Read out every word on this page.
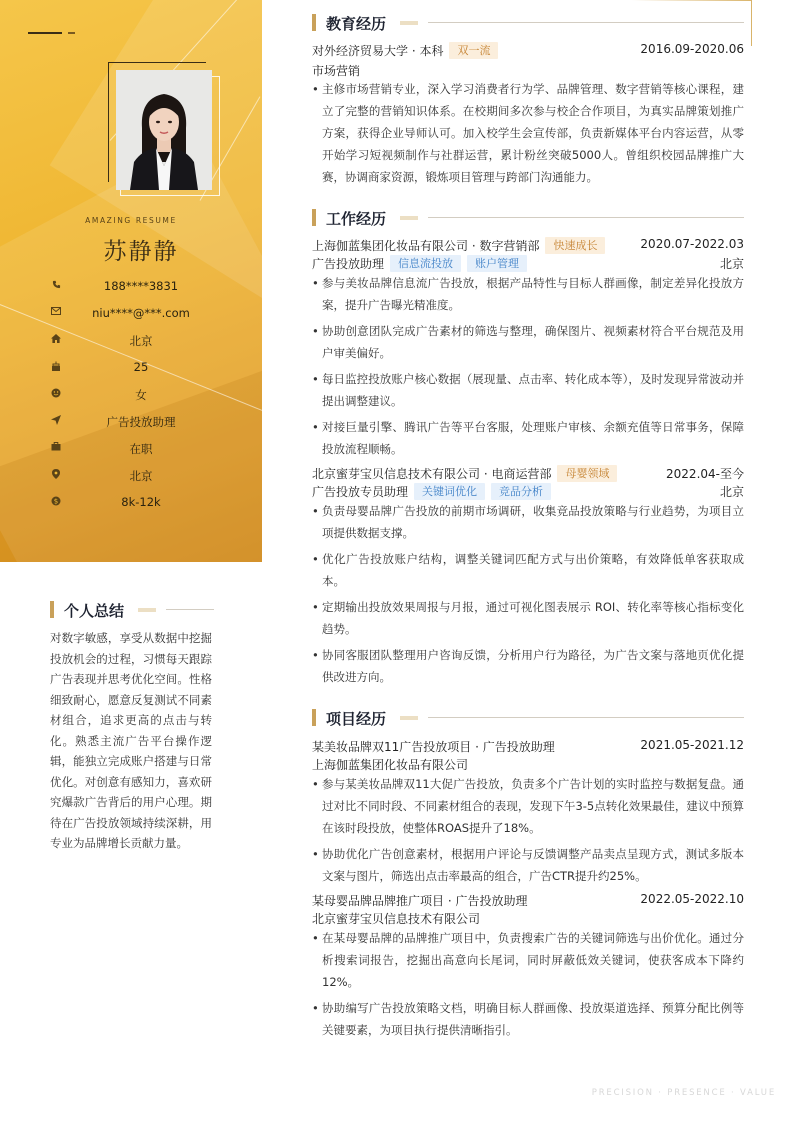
AMAZING RESUME
苏静静
188****3831
niu****@***.com
北京
25
女
广告投放助理
在职
北京
$	8k-12k
个人总结
对数字敏感，享受从数据中挖掘投放机会的过程，习惯每天跟踪广告表现并思考优化空间。性格细致耐心，愿意反复测试不同素材组合，追求更高的点击与转化。熟悉主流广告平台操作逻辑，能独立完成账户搭建与日常优化。对创意有感知力，喜欢研究爆款广告背后的用户心理。期待在广告投放领域持续深耕，用专业为品牌增长贡献力量。
教育经历
对外经济贸易大学 · 本科 双一流	2016.09-2020.06
市场营销
• 主修市场营销专业，深入学习消费者行为学、品牌管理、数字营销等核心课程，建立了完整的营销知识体系。在校期间多次参与校企合作项目，为真实品牌策划推广方案，获得企业导师认可。加入校学生会宣传部，负责新媒体平台内容运营，从零开始学习短视频制作与社群运营，累计粉丝突破5000人。曾组织校园品牌推广大赛，协调商家资源，锻炼项目管理与跨部门沟通能力。
工作经历
上海伽蓝集团化妆品有限公司 · 数字营销部 快速成长	2020.07-2022.03
广告投放助理 信息流投放 账户管理	北京
• 参与美妆品牌信息流广告投放，根据产品特性与目标人群画像，制定差异化投放方案，提升广告曝光精准度。
• 协助创意团队完成广告素材的筛选与整理，确保图片、视频素材符合平台规范及用户审美偏好。
• 每日监控投放账户核心数据（展现量、点击率、转化成本等），及时发现异常波动并提出调整建议。
• 对接巨量引擎、腾讯广告等平台客服，处理账户审核、余额充值等日常事务，保障投放流程顺畅。
北京蜜芽宝贝信息技术有限公司 · 电商运营部 母婴领域	2022.04-至今
广告投放专员助理 关键词优化 竞品分析	北京
• 负责母婴品牌广告投放的前期市场调研，收集竞品投放策略与行业趋势，为项目立项提供数据支撑。
• 优化广告投放账户结构，调整关键词匹配方式与出价策略，有效降低单客获取成本。
• 定期输出投放效果周报与月报，通过可视化图表展示 ROI、转化率等核心指标变化趋势。
• 协同客服团队整理用户咨询反馈，分析用户行为路径，为广告文案与落地页优化提供改进方向。
项目经历
某美妆品牌双11广告投放项目 · 广告投放助理	2021.05-2021.12
上海伽蓝集团化妆品有限公司
• 参与某美妆品牌双11大促广告投放，负责多个广告计划的实时监控与数据复盘。通过对比不同时段、不同素材组合的表现，发现下午3-5点转化效果最佳，建议中预算在该时段投放，使整体ROAS提升了18%。
• 协助优化广告创意素材，根据用户评论与反馈调整产品卖点呈现方式，测试多版本文案与图片，筛选出点击率最高的组合，广告CTR提升约25%。
某母婴品牌品牌推广项目 · 广告投放助理	2022.05-2022.10
北京蜜芽宝贝信息技术有限公司
• 在某母婴品牌的品牌推广项目中，负责搜索广告的关键词筛选与出价优化。通过分析搜索词报告，挖掘出高意向长尾词，同时屏蔽低效关键词，使获客成本下降约12%。
• 协助编写广告投放策略文档，明确目标人群画像、投放渠道选择、预算分配比例等关键要素，为项目执行提供清晰指引。
PRECISION · PRESENCE · VALUE
